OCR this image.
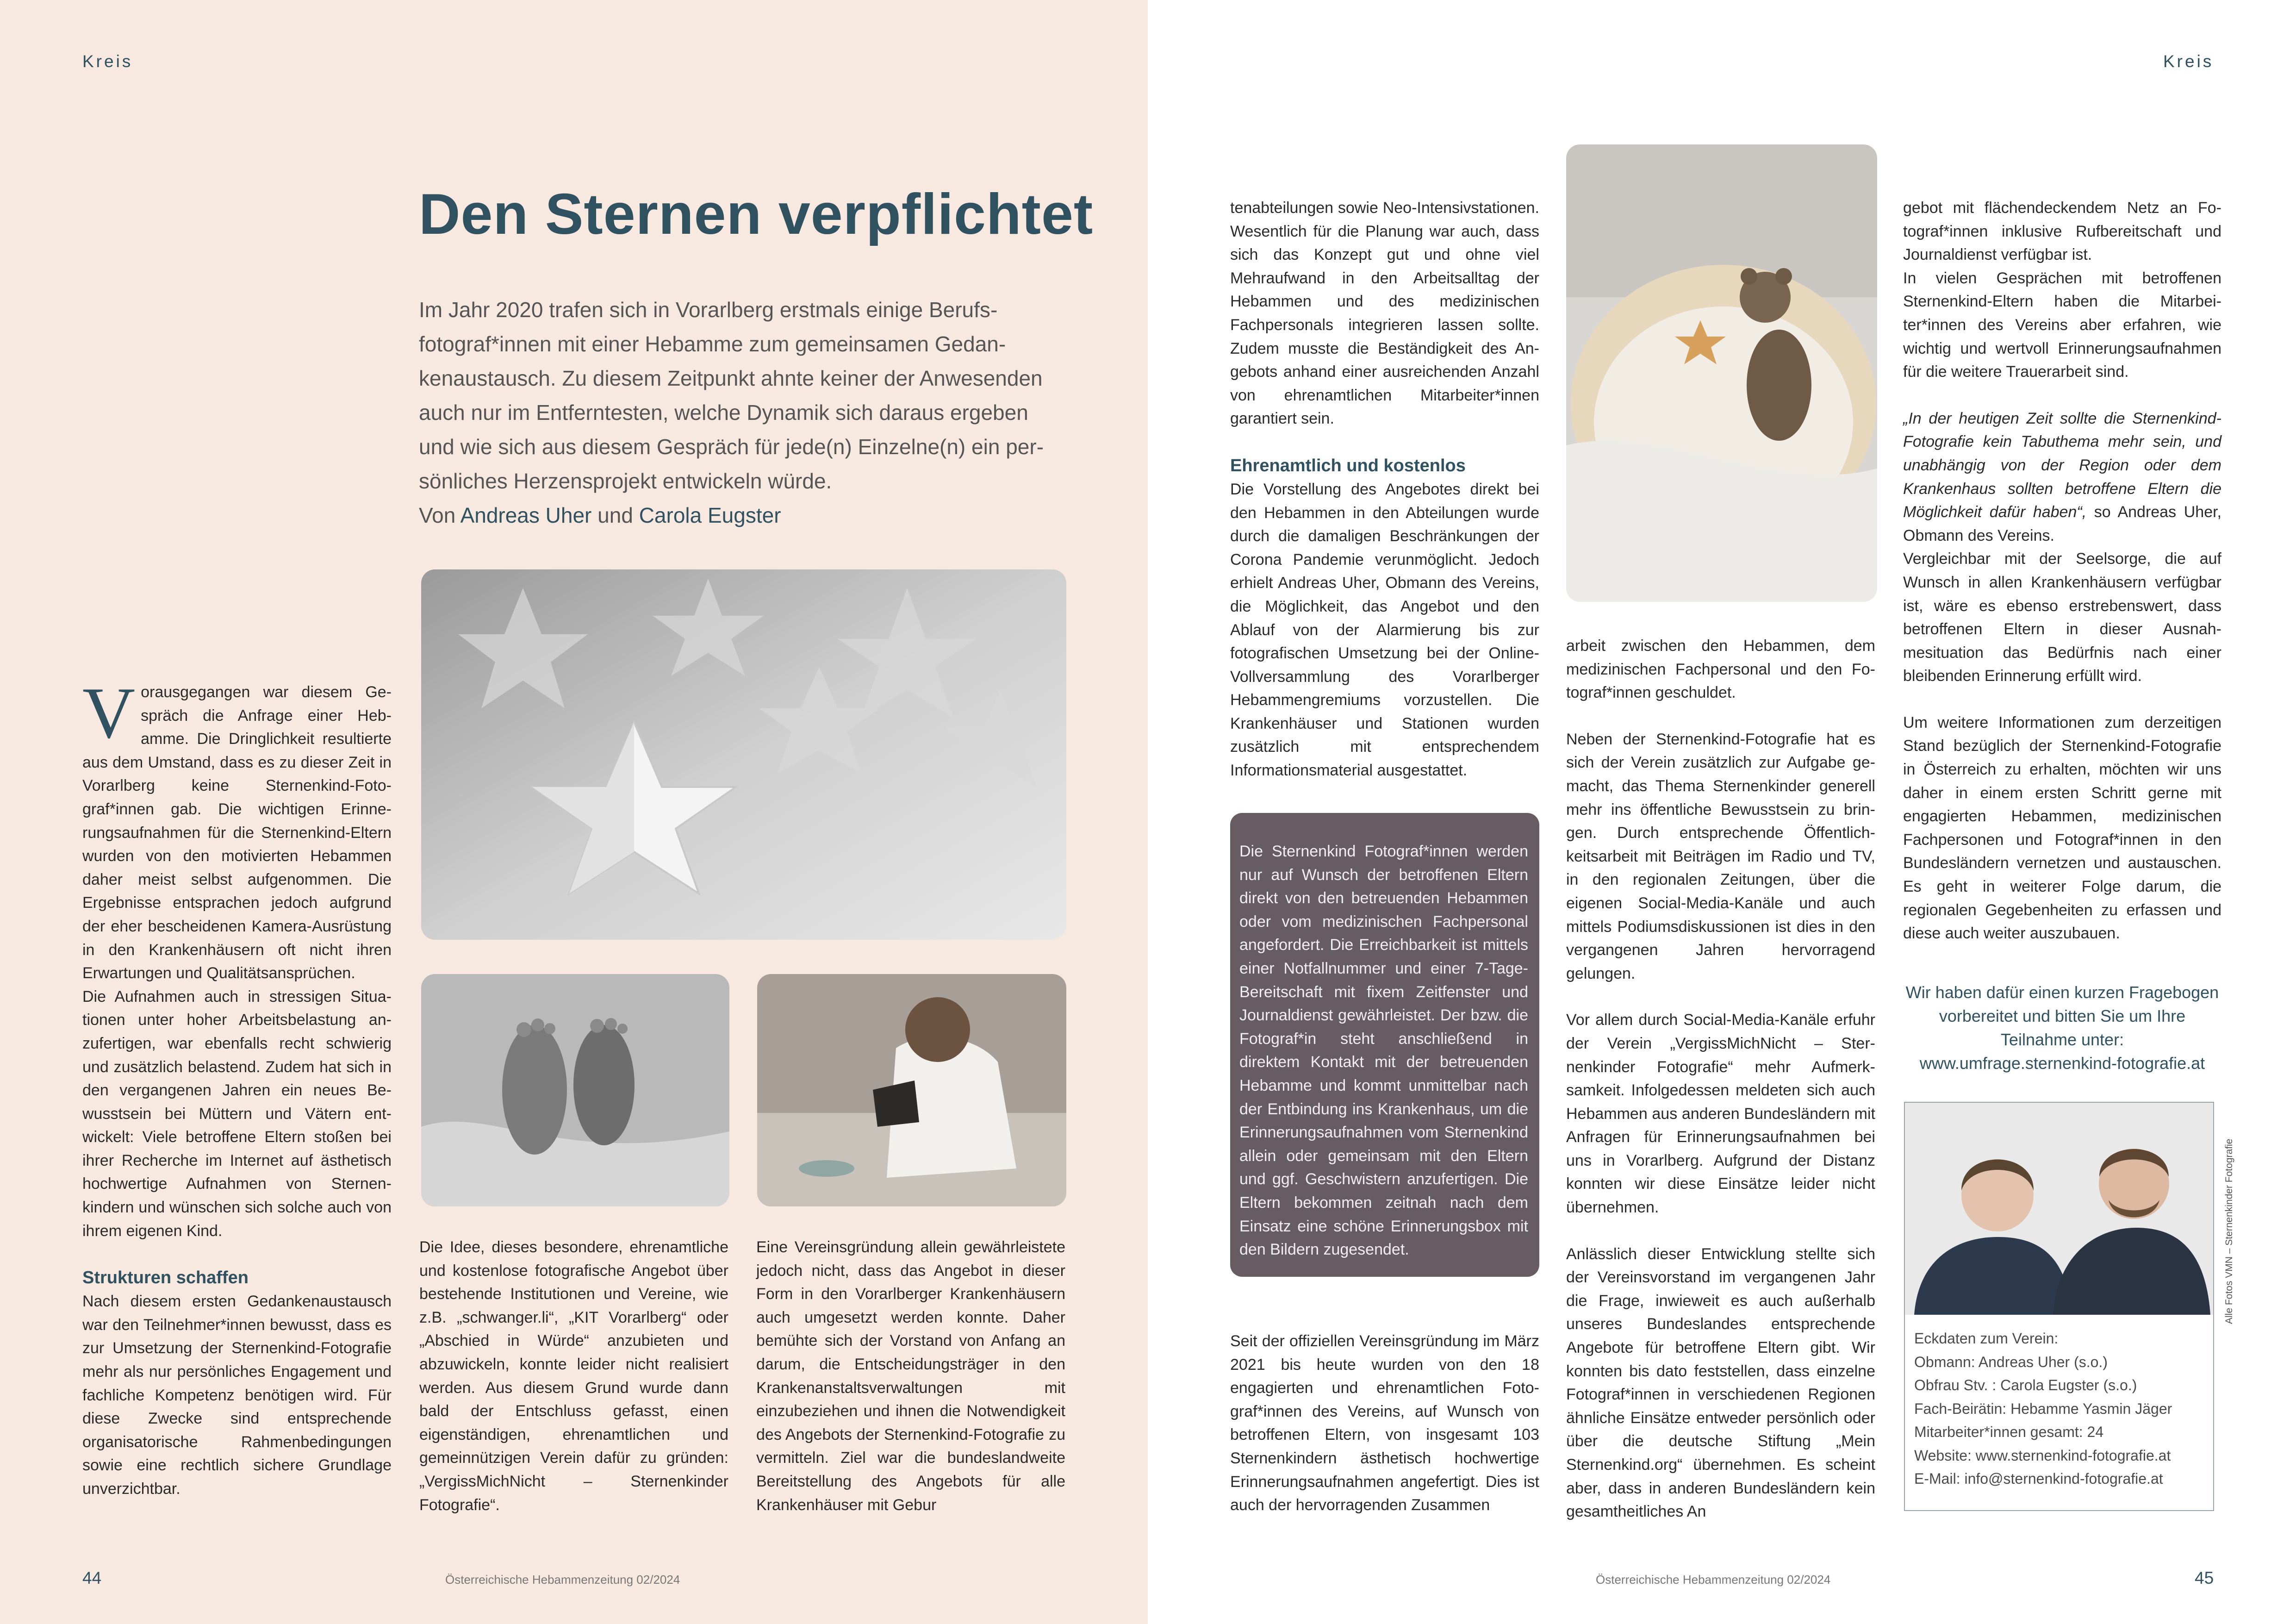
Kreis	Kreis
Den Sternen verpflichtet

Im Jahr 2020 trafen sich in Vorarlberg erstmals einige Berufsfotograf*innen mit einer Hebamme zum gemeinsamen Gedankenaustausch. Zu diesem Zeitpunkt ahnte keiner der Anwesenden auch nur im Entferntesten, welche Dynamik sich daraus ergeben und wie sich aus diesem Gespräch für jede(n) Einzelne(n) ein persönliches Herzensprojekt entwickeln würde.
Von Andreas Uher und Carola Eugster

Vorausgegangen war diesem Gespräch die Anfrage einer Hebamme. Die Dringlichkeit resultierte aus dem Umstand, dass es zu dieser Zeit in Vorarlberg keine Sternenkind-Fotograf*innen gab. Die wichtigen Erinnerungsaufnahmen für die Sternenkind-Eltern wurden von den motivierten Hebammen daher meist selbst aufgenommen. Die Ergebnisse entsprachen jedoch aufgrund der eher bescheidenen Kamera-Ausrüstung in den Krankenhäusern oft nicht ihren Erwartungen und Qualitätsansprüchen.

Die Aufnahmen auch in stressigen Situationen unter hoher Arbeitsbelastung anzufertigen, war ebenfalls recht schwierig und zusätzlich belastend. Zudem hat sich in den vergangenen Jahren ein neues Bewusstsein bei Müttern und Vätern entwickelt: Viele betroffene Eltern stoßen bei ihrer Recherche im Internet auf ästhetisch hochwertige Aufnahmen von Sternenkindern und wünschen sich solche auch von ihrem eigenen Kind.

Strukturen schaffen

Nach diesem ersten Gedankenaustausch war den Teilnehmer*innen bewusst, dass es zur Umsetzung der Sternenkind-Fotografie mehr als nur persönliches Engagement und fachliche Kompetenz benötigen wird. Für diese Zwecke sind entsprechende organisatorische Rahmenbedingungen sowie eine rechtlich sichere Grundlage unverzichtbar.

Die Idee, dieses besondere, ehrenamtliche und kostenlose fotografische Angebot über bestehende Institutionen und Vereine, wie z.B. „schwanger.li“, „KIT Vorarlberg“ oder „Abschied in Würde“ anzubieten und abzuwickeln, konnte leider nicht realisiert werden. Aus diesem Grund wurde dann bald der Entschluss gefasst, einen eigenständigen, ehrenamtlichen und gemeinnützigen Verein dafür zu gründen: „VergissMichNicht – Sternenkinder Fotografie“.

Eine Vereinsgründung allein gewährleistete jedoch nicht, dass das Angebot in dieser Form in den Vorarlberger Krankenhäusern auch umgesetzt werden konnte. Daher bemühte sich der Vorstand von Anfang an darum, die Entscheidungsträger in den Krankenanstaltsverwaltungen mit einzubeziehen und ihnen die Notwendigkeit des Angebots der Sternenkind-Fotografie zu vermitteln. Ziel war die bundeslandweite Bereitstellung des Angebots für alle Krankenhäuser mit Gebur

tenabteilungen sowie Neo-Intensivstationen. Wesentlich für die Planung war auch, dass sich das Konzept gut und ohne viel Mehraufwand in den Arbeitsalltag der Hebammen und des medizinischen Fachpersonals integrieren lassen sollte. Zudem musste die Beständigkeit des Angebots anhand einer ausreichenden Anzahl von ehrenamtlichen Mitarbeiter*innen garantiert sein.

Ehrenamtlich und kostenlos

Die Vorstellung des Angebotes direkt bei den Hebammen in den Abteilungen wurde durch die damaligen Beschränkungen der Corona Pandemie verunmöglicht. Jedoch erhielt Andreas Uher, Obmann des Vereins, die Möglichkeit, das Angebot und den Ablauf von der Alarmierung bis zur fotografischen Umsetzung bei der Online-Vollversammlung des Vorarlberger Hebammengremiums vorzustellen. Die Krankenhäuser und Stationen wurden zusätzlich mit entsprechendem Informationsmaterial ausgestattet.

Die Sternenkind Fotograf*innen werden nur auf Wunsch der betroffenen Eltern direkt von den betreuenden Hebammen oder vom medizinischen Fachpersonal angefordert. Die Erreichbarkeit ist mittels einer Notfallnummer und einer 7-Tage-Bereitschaft mit fixem Zeitfenster und Journaldienst gewährleistet. Der bzw. die Fotograf*in steht anschließend in direktem Kontakt mit der betreuenden Hebamme und kommt unmittelbar nach der Entbindung ins Krankenhaus, um die Erinnerungsaufnahmen vom Sternenkind allein oder gemeinsam mit den Eltern und ggf. Geschwistern anzufertigen. Die Eltern bekommen zeitnah nach dem Einsatz eine schöne Erinnerungsbox mit den Bildern zugesendet.

Seit der offiziellen Vereinsgründung im März 2021 bis heute wurden von den 18 engagierten und ehrenamtlichen Fotograf*innen des Vereins, auf Wunsch von betroffenen Eltern, von insgesamt 103 Sternenkindern ästhetisch hochwertige Erinnerungsaufnahmen angefertigt. Dies ist auch der hervorragenden Zusammen

arbeit zwischen den Hebammen, dem medizinischen Fachpersonal und den Fotograf*innen geschuldet.

Neben der Sternenkind-Fotografie hat es sich der Verein zusätzlich zur Aufgabe gemacht, das Thema Sternenkinder generell mehr ins öffentliche Bewusstsein zu bringen. Durch entsprechende Öffentlichkeitsarbeit mit Beiträgen im Radio und TV, in den regionalen Zeitungen, über die eigenen Social-Media-Kanäle und auch mittels Podiumsdiskussionen ist dies in den vergangenen Jahren hervorragend gelungen.

Vor allem durch Social-Media-Kanäle erfuhr der Verein „VergissMichNicht – Sternenkinder Fotografie“ mehr Aufmerksamkeit. Infolgedessen meldeten sich auch Hebammen aus anderen Bundesländern mit Anfragen für Erinnerungsaufnahmen bei uns in Vorarlberg. Aufgrund der Distanz konnten wir diese Einsätze leider nicht übernehmen.

Anlässlich dieser Entwicklung stellte sich der Vereinsvorstand im vergangenen Jahr die Frage, inwieweit es auch außerhalb unseres Bundeslandes entsprechende Angebote für betroffene Eltern gibt. Wir konnten bis dato feststellen, dass einzelne Fotograf*innen in verschiedenen Regionen ähnliche Einsätze entweder persönlich oder über die deutsche Stiftung „Mein Sternenkind.org“ übernehmen. Es scheint aber, dass in anderen Bundesländern kein gesamtheitliches An

gebot mit flächendeckendem Netz an Fotograf*innen inklusive Rufbereitschaft und Journaldienst verfügbar ist.

In vielen Gesprächen mit betroffenen Sternenkind-Eltern haben die Mitarbeiter*innen des Vereins aber erfahren, wie wichtig und wertvoll Erinnerungsaufnahmen für die weitere Trauerarbeit sind.

„In der heutigen Zeit sollte die Sternenkind-Fotografie kein Tabuthema mehr sein, und unabhängig von der Region oder dem Krankenhaus sollten betroffene Eltern die Möglichkeit dafür haben“, so Andreas Uher, Obmann des Vereins.

Vergleichbar mit der Seelsorge, die auf Wunsch in allen Krankenhäusern verfügbar ist, wäre es ebenso erstrebenswert, dass betroffenen Eltern in dieser Ausnahmesituation das Bedürfnis nach einer bleibenden Erinnerung erfüllt wird.

Um weitere Informationen zum derzeitigen Stand bezüglich der Sternenkind-Fotografie in Österreich zu erhalten, möchten wir uns daher in einem ersten Schritt gerne mit engagierten Hebammen, medizinischen Fachpersonen und Fotograf*innen in den Bundesländern vernetzen und austauschen. Es geht in weiterer Folge darum, die regionalen Gegebenheiten zu erfassen und diese auch weiter auszubauen.

Wir haben dafür einen kurzen Fragebogen vorbereitet und bitten Sie um Ihre Teilnahme unter:
www.umfrage.sternenkind-fotografie.at
Eckdaten zum Verein:
Obmann: Andreas Uher (s.o.)
Obfrau Stv. : Carola Eugster (s.o.)
Fach-Beirätin: Hebamme Yasmin Jäger
Mitarbeiter*innen gesamt: 24
Website: www.sternenkind-fotografie.at
E-Mail: info@sternenkind-fotografie.at
Alle Fotos VMN – Sternenkinder Fotografie
44	45
Österreichische Hebammenzeitung 02/2024	Österreichische Hebammenzeitung 02/2024
